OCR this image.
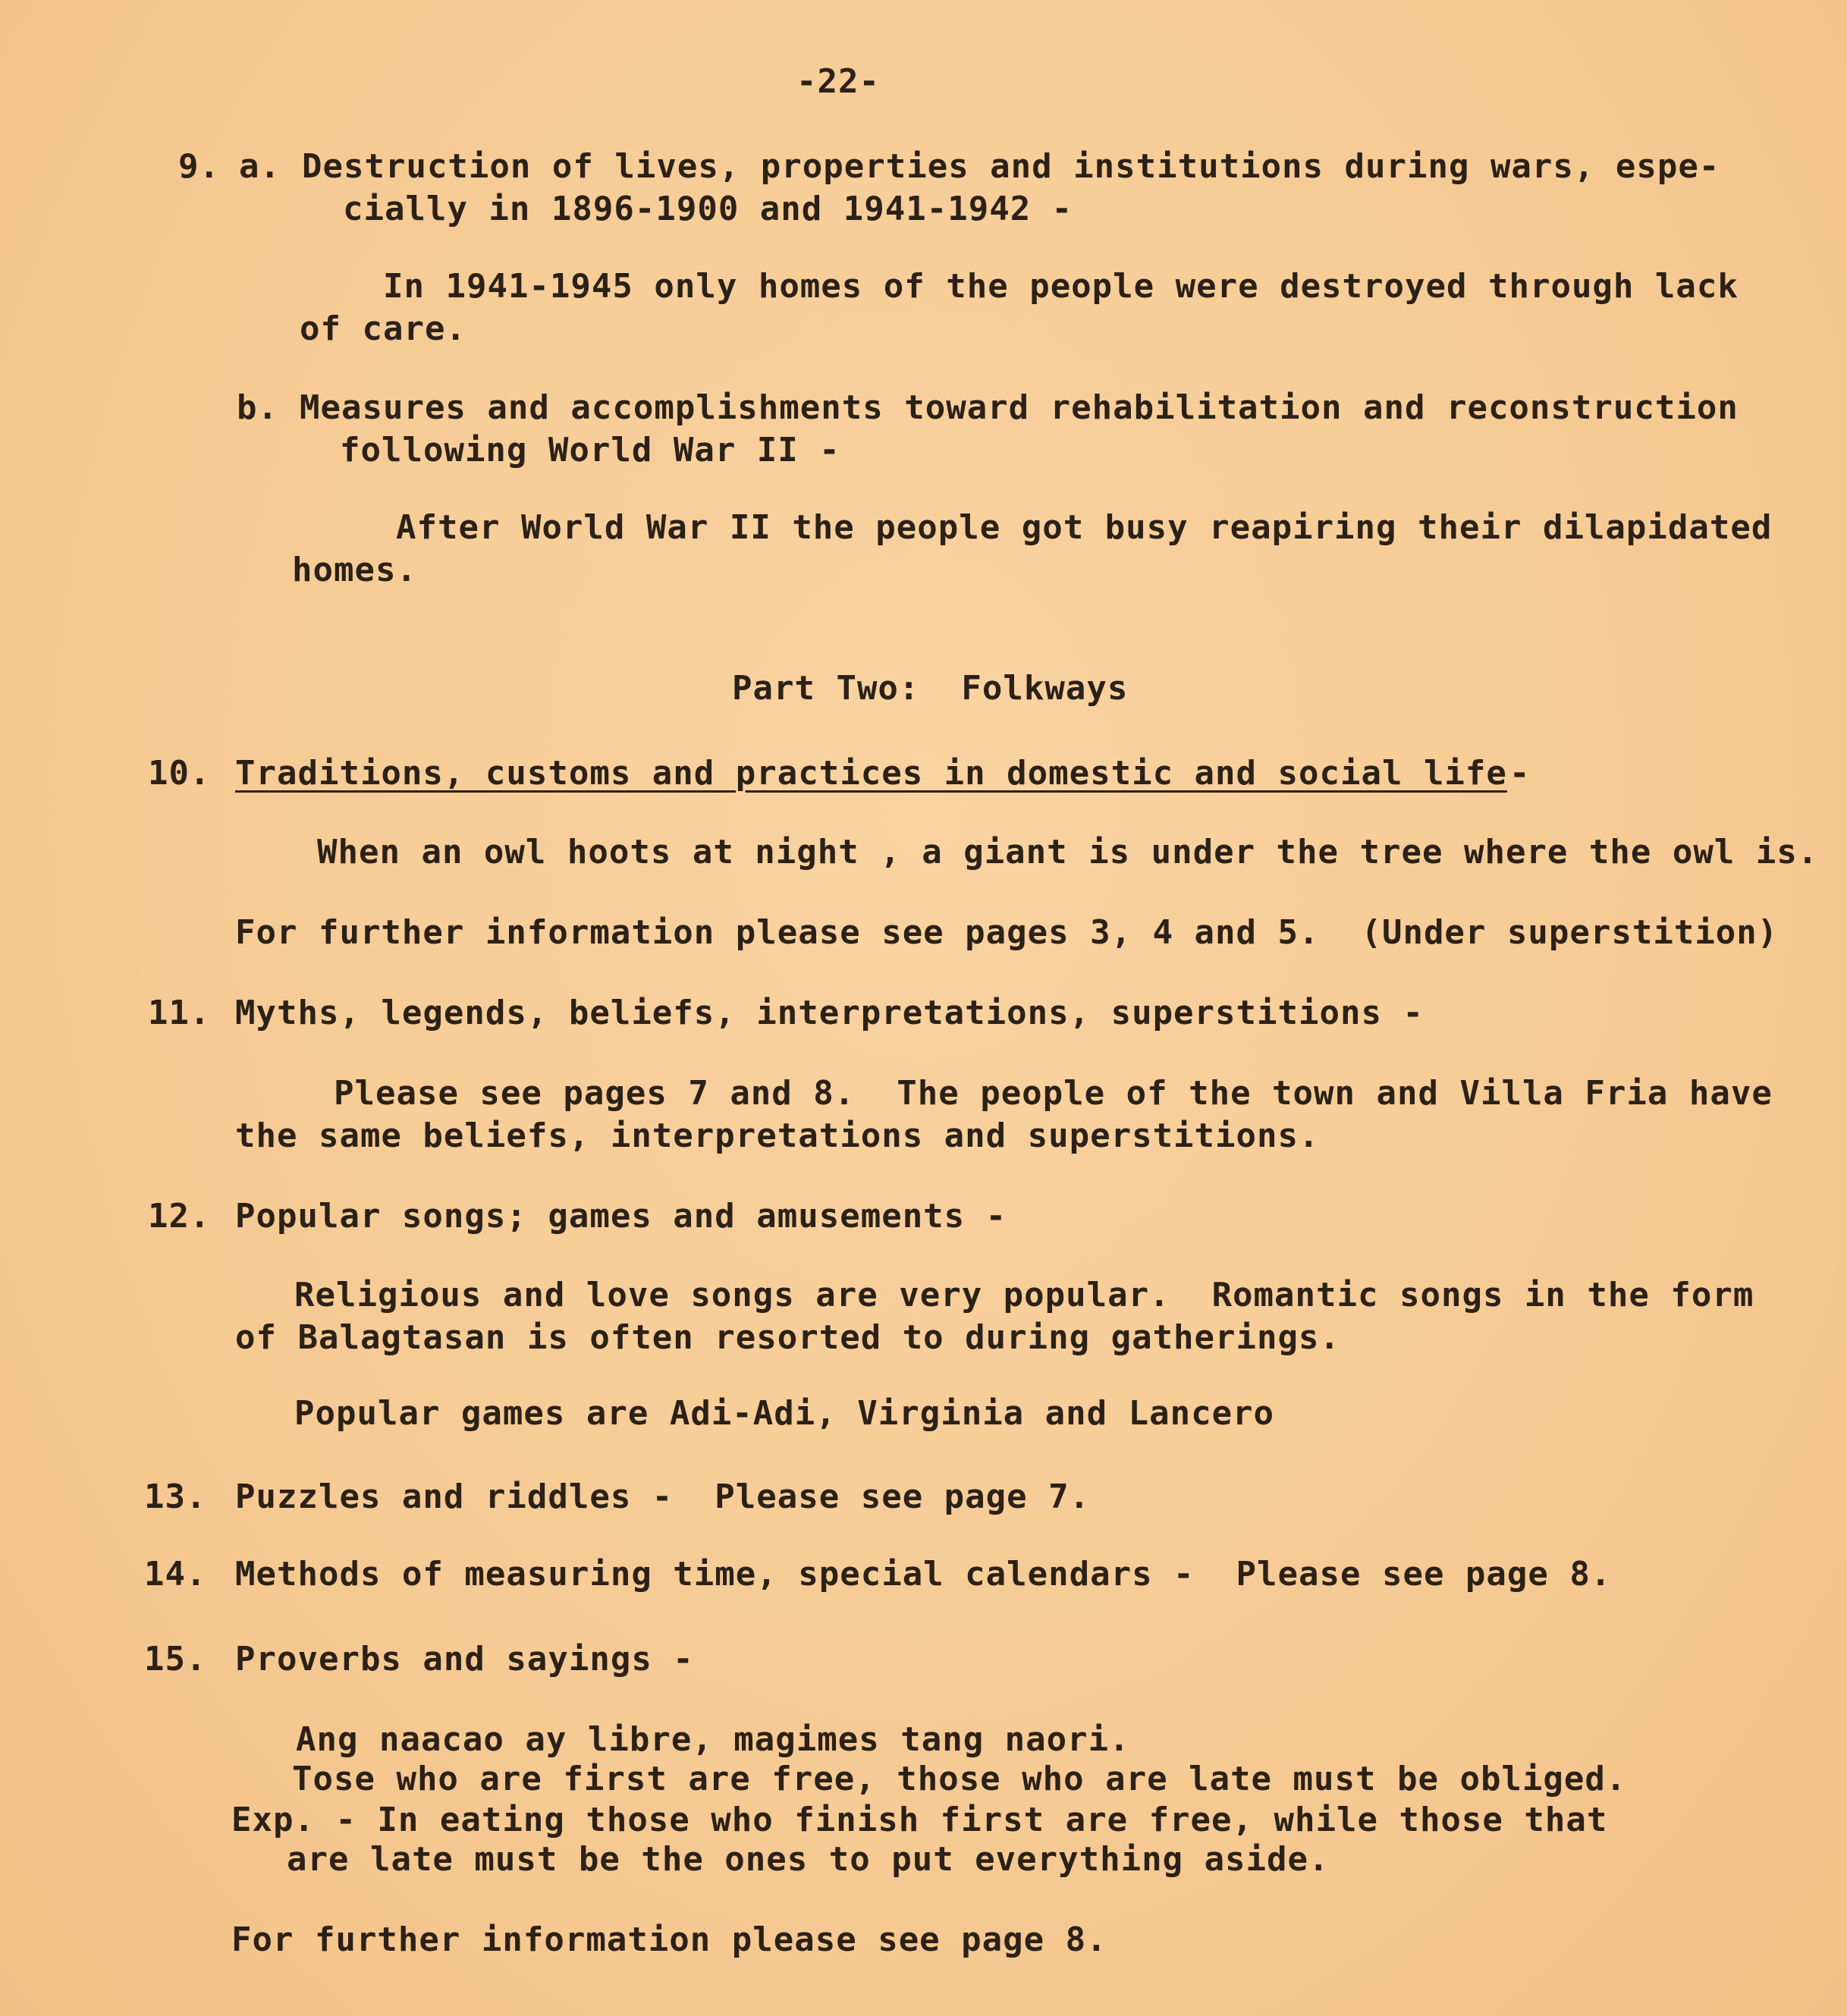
-22-
9. a. Destruction of lives, properties and institutions during wars, espe-
cially in 1896-1900 and 1941-1942 -
In 1941-1945 only homes of the people were destroyed through lack
of care.
b. Measures and accomplishments toward rehabilitation and reconstruction
following World War II -
After World War II the people got busy reapiring their dilapidated
homes.
Part Two:  Folkways
10. Traditions, customs and practices in domestic and social life -
When an owl hoots at night , a giant is under the tree where the owl is.
For further information please see pages 3, 4 and 5.  (Under superstition)
11. Myths, legends, beliefs, interpretations, superstitions -
Please see pages 7 and 8.  The people of the town and Villa Fria have
the same beliefs, interpretations and superstitions.
12. Popular songs; games and amusements -
Religious and love songs are very popular.  Romantic songs in the form
of Balagtasan is often resorted to during gatherings.
Popular games are Adi-Adi, Virginia and Lancero
13. Puzzles and riddles -  Please see page 7.
14. Methods of measuring time, special calendars -  Please see page 8.
15. Proverbs and sayings -
Ang naacao ay libre, magimes tang naori.
Tose who are first are free, those who are late must be obliged.
Exp. - In eating those who finish first are free, while those that
are late must be the ones to put everything aside.
For further information please see page 8.
